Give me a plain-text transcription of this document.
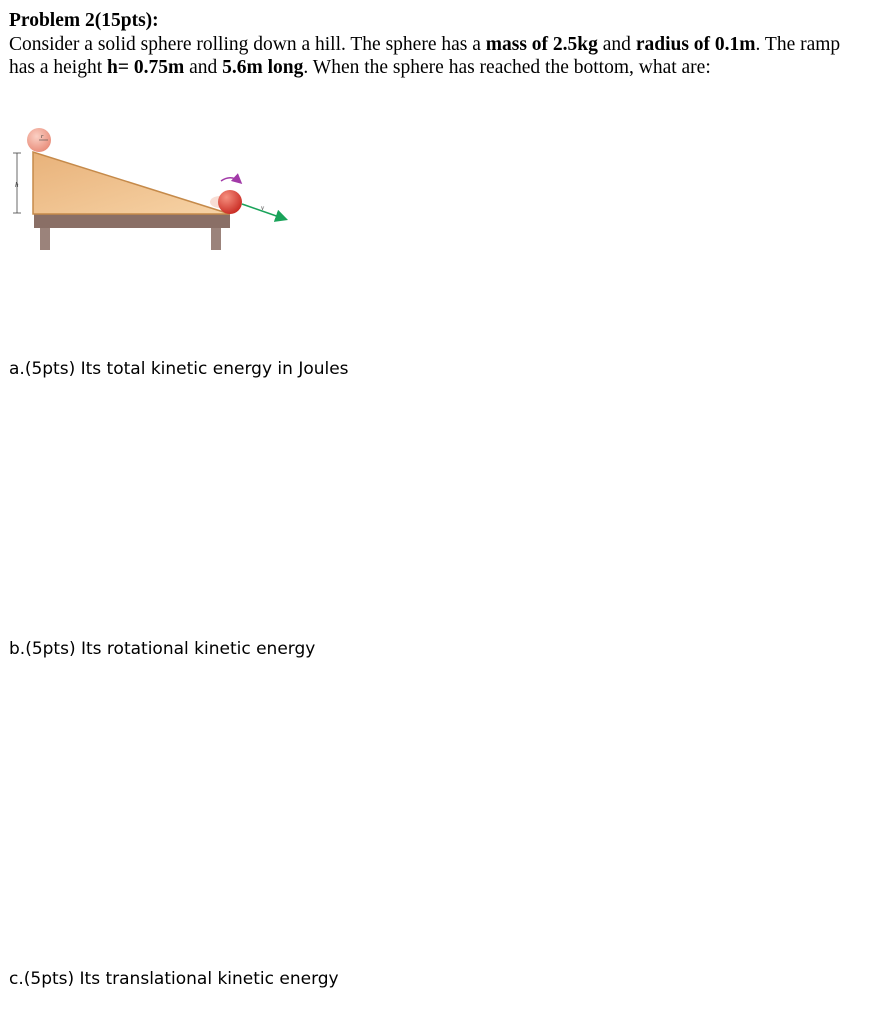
Problem 2(15pts):
Consider a solid sphere rolling down a hill. The sphere has a mass of 2.5kg and radius of 0.1m. The ramp has a height h= 0.75m and 5.6m long. When the sphere has reached the bottom, what are:
h
r
v
a.(5pts) Its total kinetic energy in Joules
b.(5pts) Its rotational kinetic energy
c.(5pts) Its translational kinetic energy
